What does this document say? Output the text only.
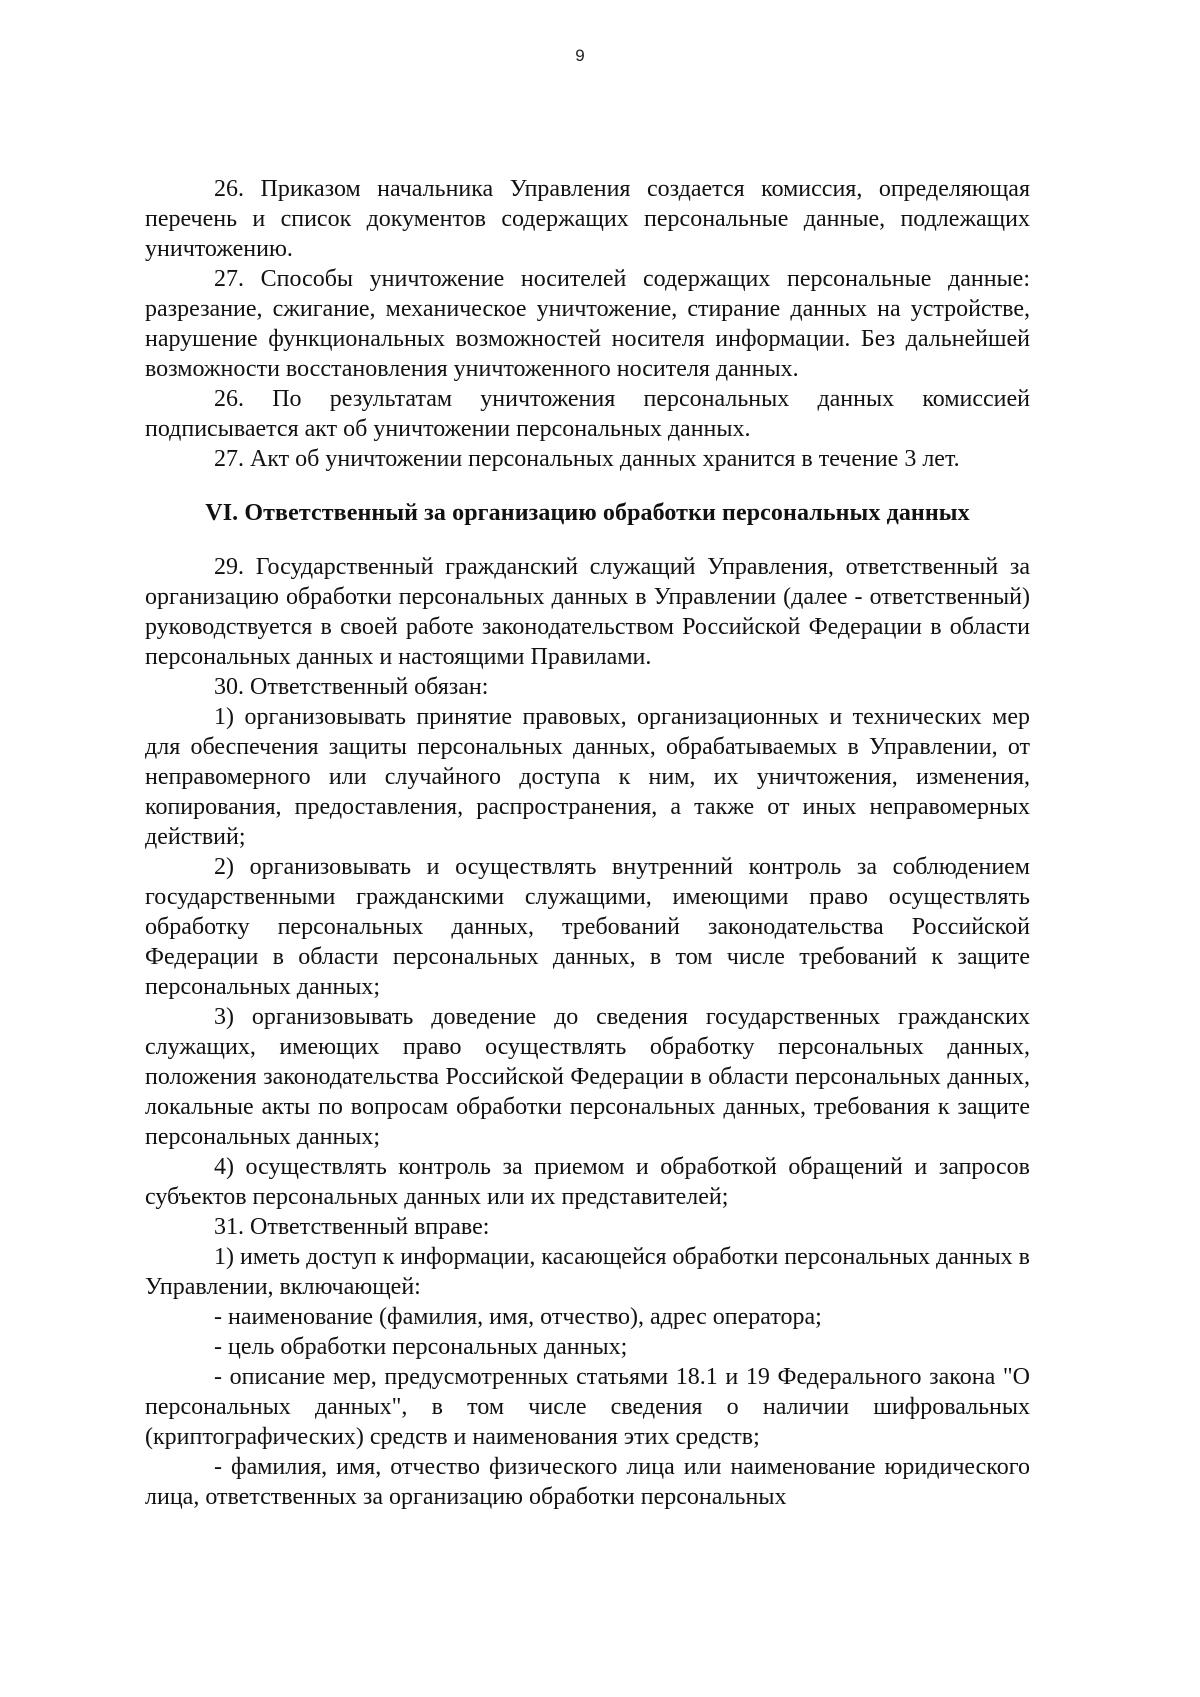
9

26. Приказом начальника Управления создается комиссия, определяющая перечень и список документов содержащих персональные данные, подлежащих уничтожению.

27. Способы уничтожение носителей содержащих персональные данные: разрезание, сжигание, механическое уничтожение, стирание данных на устройстве, нарушение функциональных возможностей носителя информации. Без дальнейшей возможности восстановления уничтоженного носителя данных.

26. По результатам уничтожения персональных данных комиссией подписывается акт об уничтожении персональных данных.

27. Акт об уничтожении персональных данных хранится в течение 3 лет.

VI. Ответственный за организацию обработки персональных данных

29. Государственный гражданский служащий Управления, ответственный за организацию обработки персональных данных в Управлении (далее - ответственный) руководствуется в своей работе законодательством Российской Федерации в области персональных данных и настоящими Правилами.

30. Ответственный обязан:

1) организовывать принятие правовых, организационных и технических мер для обеспечения защиты персональных данных, обрабатываемых в Управлении, от неправомерного или случайного доступа к ним, их уничтожения, изменения, копирования, предоставления, распространения, а также от иных неправомерных действий;

2) организовывать и осуществлять внутренний контроль за соблюдением государственными гражданскими служащими, имеющими право осуществлять обработку персональных данных, требований законодательства Российской Федерации в области персональных данных, в том числе требований к защите персональных данных;

3) организовывать доведение до сведения государственных гражданских служащих, имеющих право осуществлять обработку персональных данных, положения законодательства Российской Федерации в области персональных данных, локальные акты по вопросам обработки персональных данных, требования к защите персональных данных;

4) осуществлять контроль за приемом и обработкой обращений и запросов субъектов персональных данных или их представителей;

31. Ответственный вправе:

1) иметь доступ к информации, касающейся обработки персональных данных в Управлении, включающей:

- наименование (фамилия, имя, отчество), адрес оператора;

- цель обработки персональных данных;

- описание мер, предусмотренных статьями 18.1 и 19 Федерального закона "О персональных данных", в том числе сведения о наличии шифровальных (криптографических) средств и наименования этих средств;

- фамилия, имя, отчество физического лица или наименование юридического лица, ответственных за организацию обработки персональных
